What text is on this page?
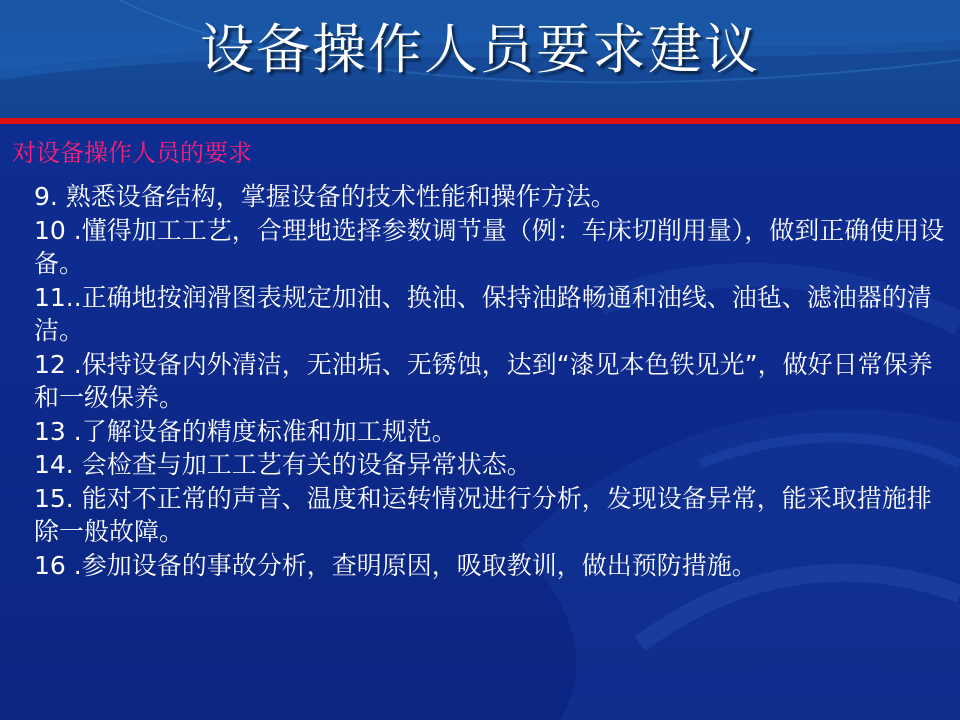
设备操作人员要求建议
对设备操作人员的要求

9. 熟悉设备结构，掌握设备的技术性能和操作方法。

10 .懂得加工工艺，合理地选择参数调节量（例：车床切削用量），做到正确使用设备。

11..正确地按润滑图表规定加油、换油、保持油路畅通和油线、油毡、滤油器的清洁。

12 .保持设备内外清洁，无油垢、无锈蚀，达到“漆见本色铁见光”，做好日常保养和一级保养。

13 .了解设备的精度标准和加工规范。

14. 会检查与加工工艺有关的设备异常状态。

15. 能对不正常的声音、温度和运转情况进行分析，发现设备异常，能采取措施排除一般故障。

16 .参加设备的事故分析，查明原因，吸取教训，做出预防措施。
